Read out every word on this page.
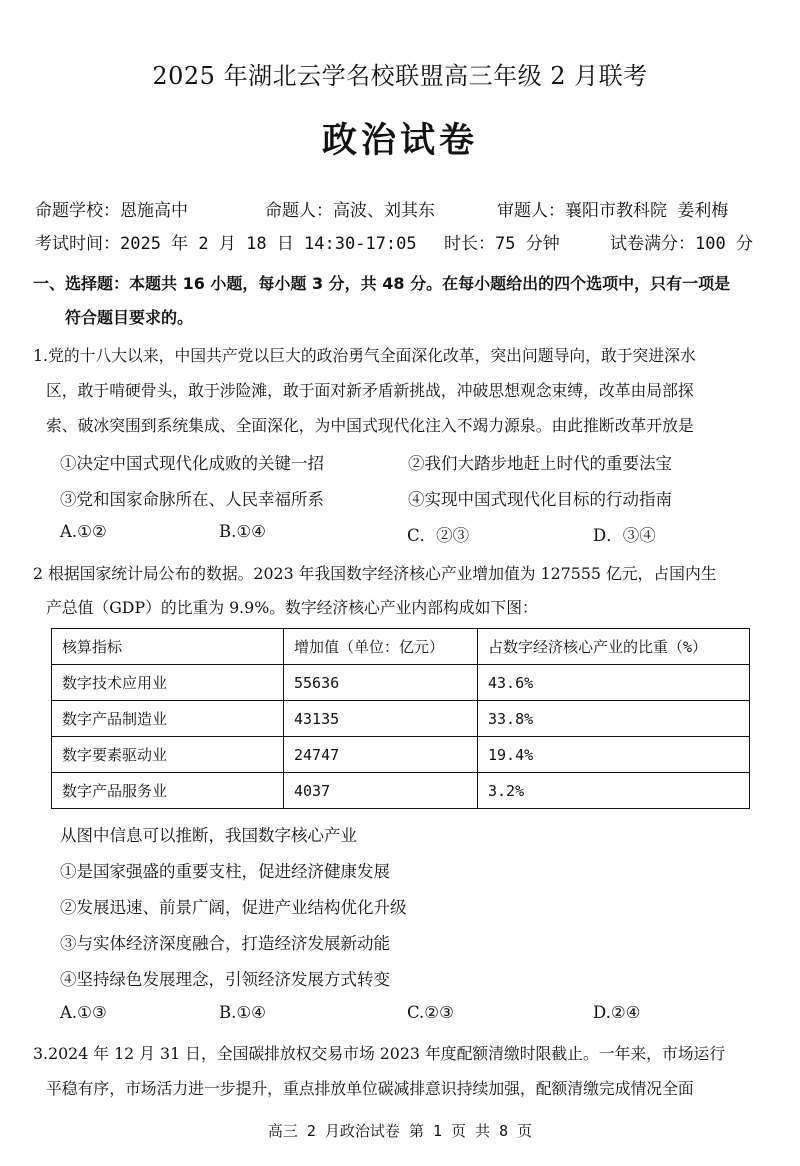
2025 年湖北云学名校联盟高三年级 2 月联考
政治试卷
命题学校：恩施高中	命题人：高波、刘其东	审题人：襄阳市教科院 姜利梅
考试时间：2025 年 2 月 18 日 14:30-17:05 时长：75 分钟	试卷满分：100 分
一、选择题：本题共 16 小题，每小题 3 分，共 48 分。在每小题给出的四个选项中，只有一项是
符合题目要求的。
1.党的十八大以来，中国共产党以巨大的政治勇气全面深化改革，突出问题导向，敢于突进深水
区，敢于啃硬骨头，敢于涉险滩，敢于面对新矛盾新挑战，冲破思想观念束缚，改革由局部探
索、破冰突围到系统集成、全面深化，为中国式现代化注入不竭力源泉。由此推断改革开放是
①决定中国式现代化成败的关键一招	②我们大踏步地赶上时代的重要法宝
③党和国家命脉所在、人民幸福所系	④实现中国式现代化目标的行动指南
A.①②	B.①④	C．②③	D．③④
2 根据国家统计局公布的数据。2023 年我国数字经济核心产业增加值为 127555 亿元，占国内生
产总值（GDP）的比重为 9.9%。数字经济核心产业内部构成如下图：
核算指标	增加值（单位：亿元）	占数字经济核心产业的比重（%）
数字技术应用业	55636	43.6%
数字产品制造业	43135	33.8%
数字要素驱动业	24747	19.4%
数字产品服务业	4037	3.2%
从图中信息可以推断，我国数字核心产业
①是国家强盛的重要支柱，促进经济健康发展
②发展迅速、前景广阔，促进产业结构优化升级
③与实体经济深度融合，打造经济发展新动能
④坚持绿色发展理念，引领经济发展方式转变
A.①③	B.①④	C.②③	D.②④
3.2024 年 12 月 31 日，全国碳排放权交易市场 2023 年度配额清缴时限截止。一年来，市场运行
平稳有序，市场活力进一步提升，重点排放单位碳减排意识持续加强，配额清缴完成情况全面
高三 2 月政治试卷 第 1 页 共 8 页
